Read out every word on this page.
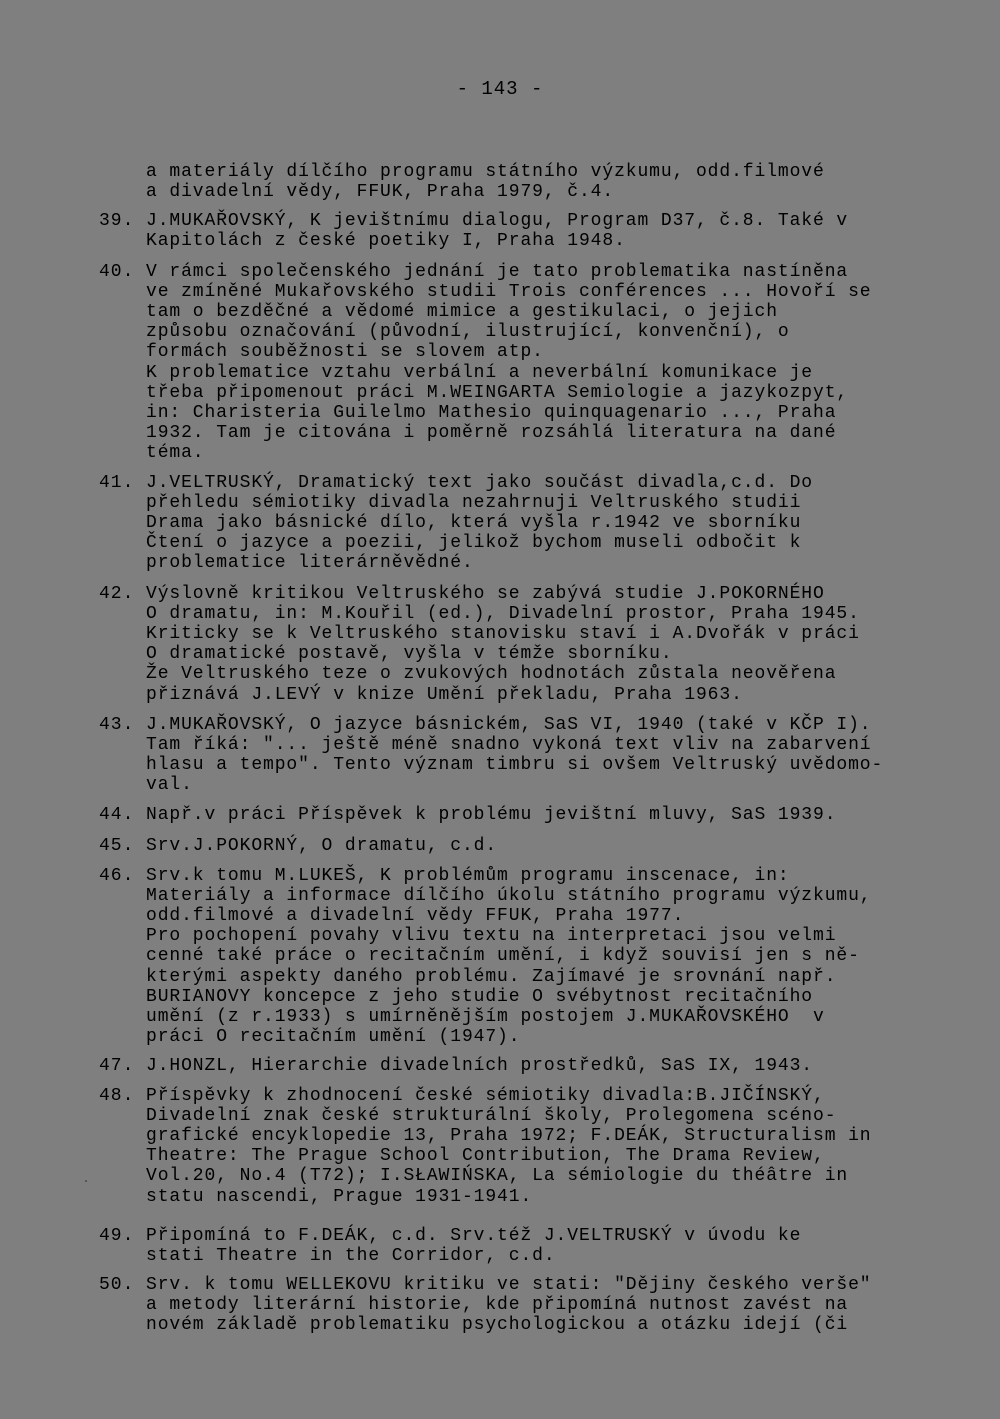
- 143 -
a materiály dílčího programu státního výzkumu, odd.filmové
a divadelní vědy, FFUK, Praha 1979, č.4.
39. J.MUKAŘOVSKÝ, K jevištnímu dialogu, Program D37, č.8. Také v
Kapitolách z české poetiky I, Praha 1948.
40. V rámci společenského jednání je tato problematika nastíněna
ve zmíněné Mukařovského studii Trois conférences ... Hovoří se
tam o bezděčné a vědomé mimice a gestikulaci, o jejich
způsobu označování (původní, ilustrující, konvenční), o
formách souběžnosti se slovem atp.
K problematice vztahu verbální a neverbální komunikace je
třeba připomenout práci M.WEINGARTA Semiologie a jazykozpyt,
in: Charisteria Guilelmo Mathesio quinquagenario ..., Praha
1932. Tam je citována i poměrně rozsáhlá literatura na dané
téma.
41. J.VELTRUSKÝ, Dramatický text jako součást divadla,c.d. Do
přehledu sémiotiky divadla nezahrnuji Veltruského studii
Drama jako básnické dílo, která vyšla r.1942 ve sborníku
Čtení o jazyce a poezii, jelikož bychom museli odbočit k
problematice literárněvědné.
42. Výslovně kritikou Veltruského se zabývá studie J.POKORNÉHO
O dramatu, in: M.Kouřil (ed.), Divadelní prostor, Praha 1945.
Kriticky se k Veltruského stanovisku staví i A.Dvořák v práci
O dramatické postavě, vyšla v témže sborníku.
Že Veltruského teze o zvukových hodnotách zůstala neověřena
přiznává J.LEVÝ v knize Umění překladu, Praha 1963.
43. J.MUKAŘOVSKÝ, O jazyce básnickém, SaS VI, 1940 (také v KČP I).
Tam říká: "... ještě méně snadno vykoná text vliv na zabarvení
hlasu a tempo". Tento význam timbru si ovšem Veltruský uvědomo-
val.
44. Např.v práci Příspěvek k problému jevištní mluvy, SaS 1939.
45. Srv.J.POKORNÝ, O dramatu, c.d.
46. Srv.k tomu M.LUKEŠ, K problémům programu inscenace, in:
Materiály a informace dílčího úkolu státního programu výzkumu,
odd.filmové a divadelní vědy FFUK, Praha 1977.
Pro pochopení povahy vlivu textu na interpretaci jsou velmi
cenné také práce o recitačním umění, i když souvisí jen s ně-
kterými aspekty daného problému. Zajímavé je srovnání např.
BURIANOVY koncepce z jeho studie O svébytnost recitačního
umění (z r.1933) s umírněnějším postojem J.MUKAŘOVSKÉHO  v
práci O recitačním umění (1947).
47. J.HONZL, Hierarchie divadelních prostředků, SaS IX, 1943.
48. Příspěvky k zhodnocení české sémiotiky divadla:B.JIČÍNSKÝ,
Divadelní znak české strukturální školy, Prolegomena scéno-
grafické encyklopedie 13, Praha 1972; F.DEÁK, Structuralism in
Theatre: The Prague School Contribution, The Drama Review,
Vol.20, No.4 (T72); I.SŁAWIŃSKA, La sémiologie du théâtre in
statu nascendi, Prague 1931-1941.
49. Připomíná to F.DEÁK, c.d. Srv.též J.VELTRUSKÝ v úvodu ke
stati Theatre in the Corridor, c.d.
50. Srv. k tomu WELLEKOVU kritiku ve stati: "Dějiny českého verše"
a metody literární historie, kde připomíná nutnost zavést na
novém základě problematiku psychologickou a otázku idejí (či
